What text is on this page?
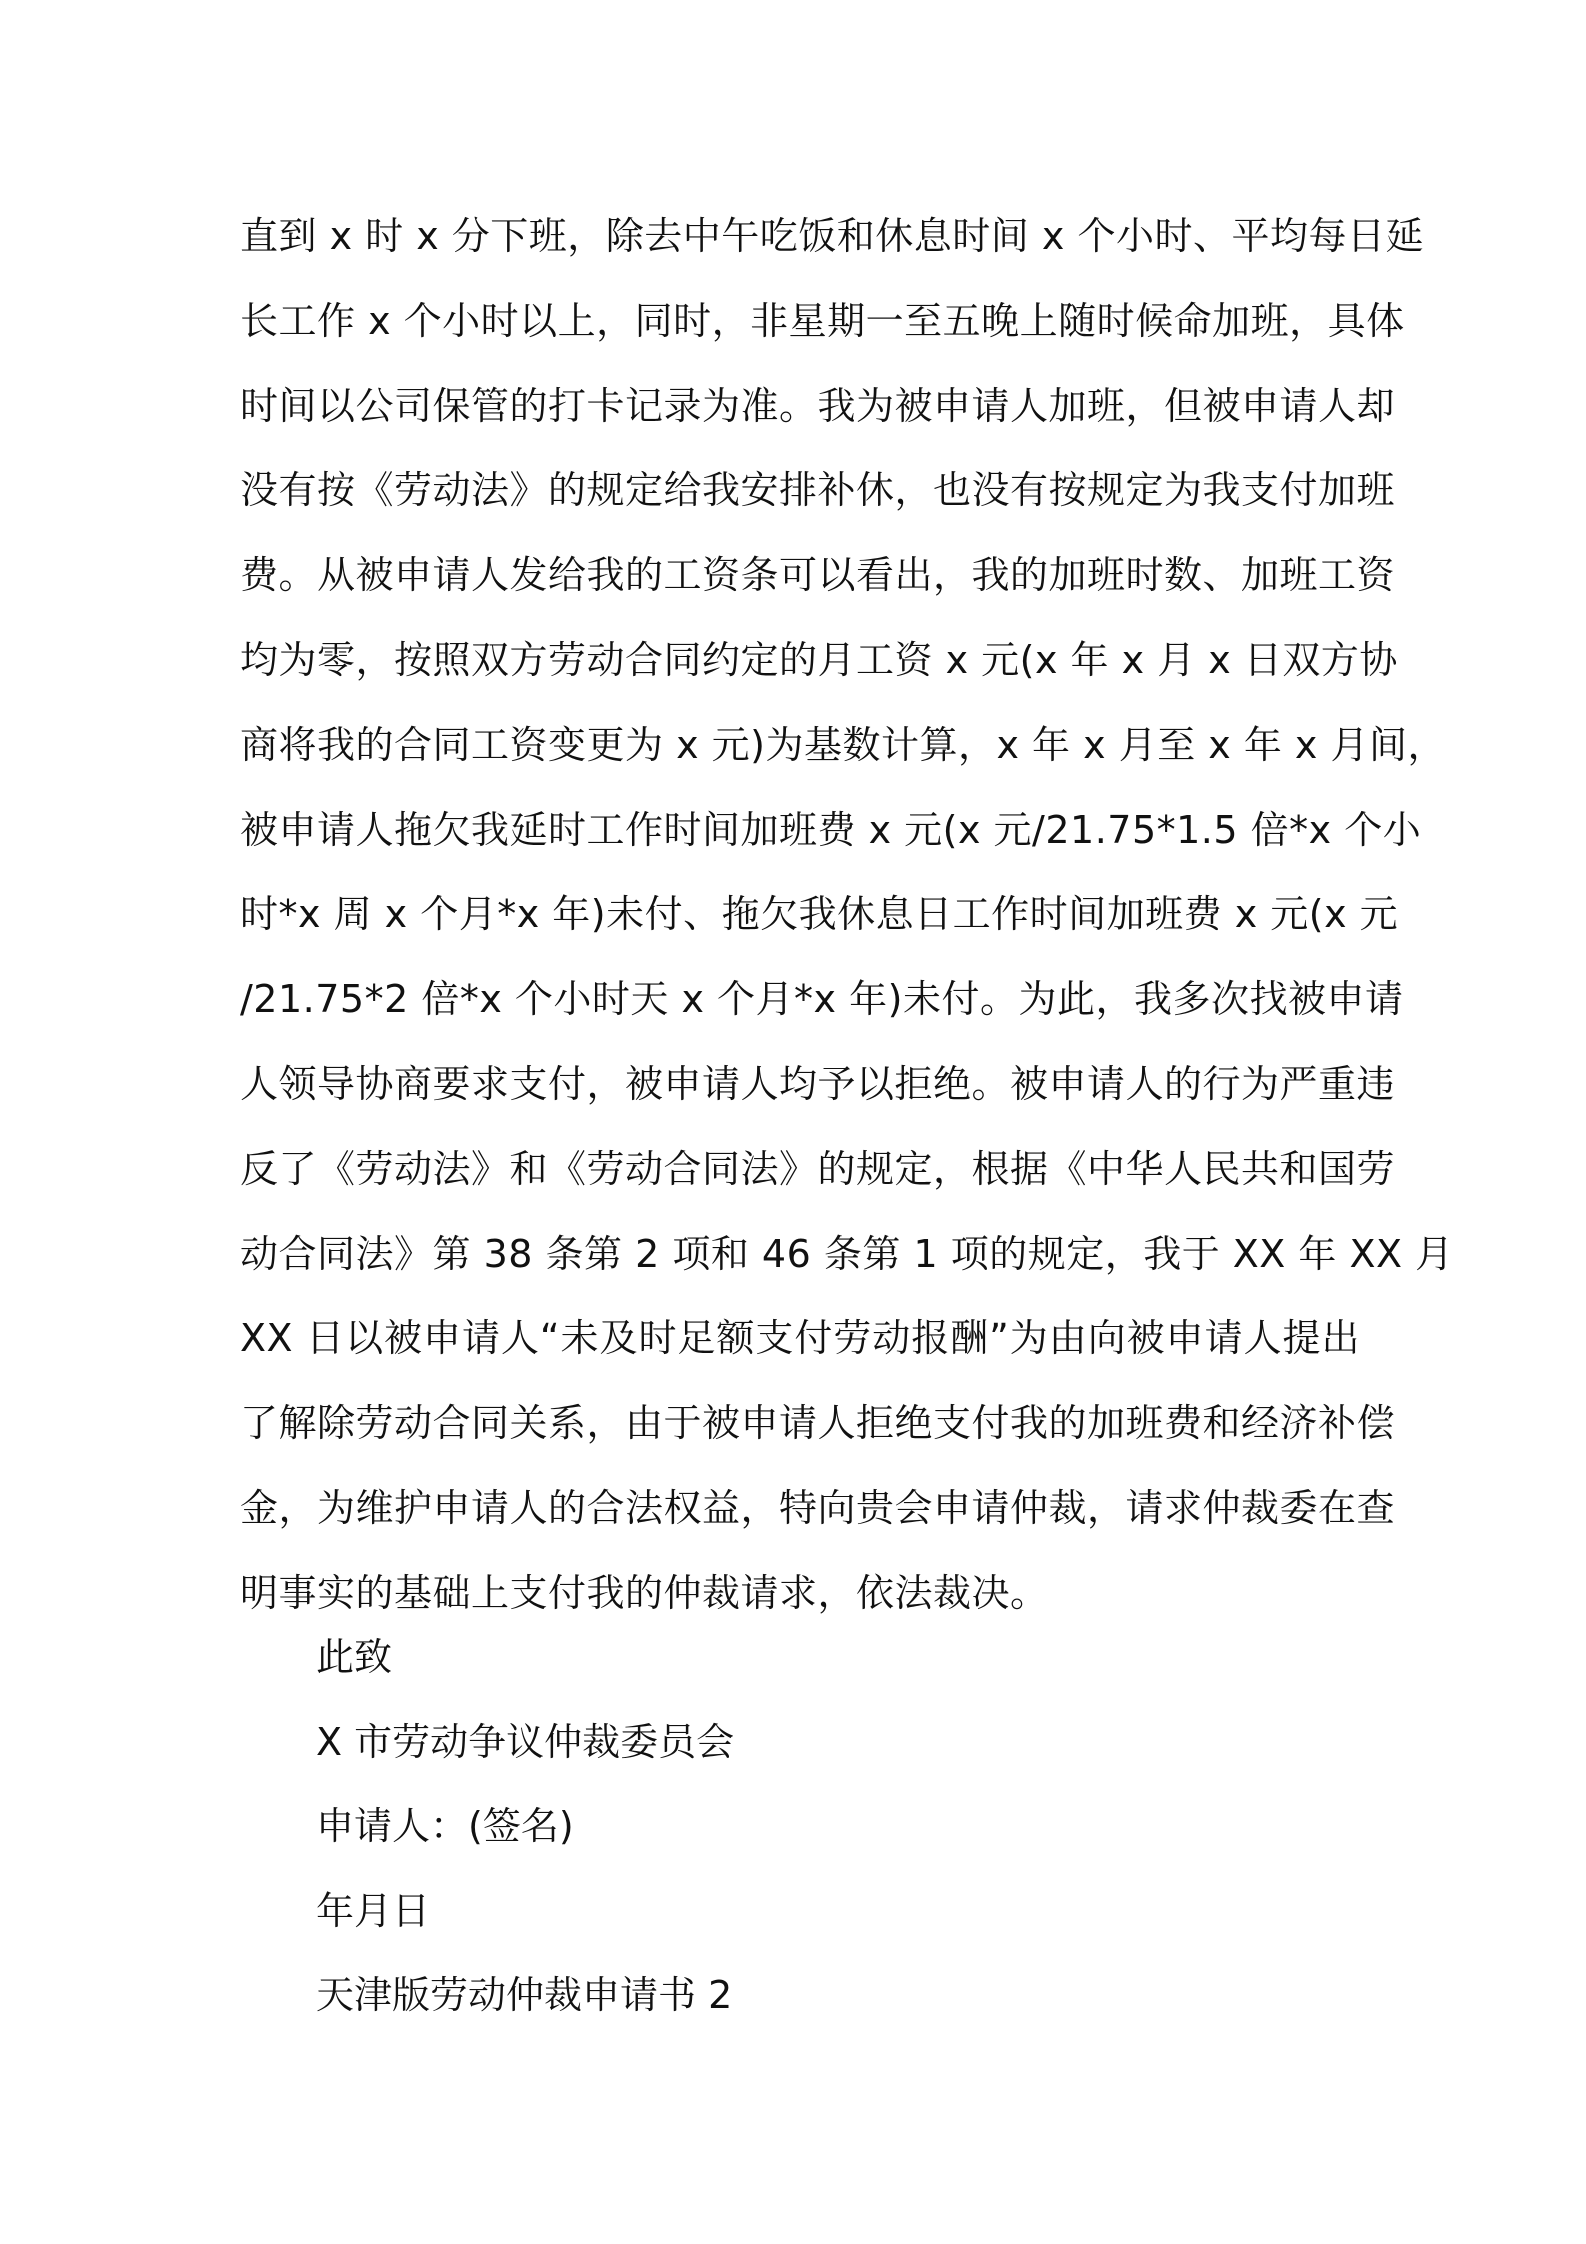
直到 x 时 x 分下班，除去中午吃饭和休息时间 x 个小时、平均每日延
长工作 x 个小时以上，同时，非星期一至五晚上随时候命加班，具体
时间以公司保管的打卡记录为准。我为被申请人加班，但被申请人却
没有按《劳动法》的规定给我安排补休，也没有按规定为我支付加班
费。从被申请人发给我的工资条可以看出，我的加班时数、加班工资
均为零，按照双方劳动合同约定的月工资 x 元(x 年 x 月 x 日双方协
商将我的合同工资变更为 x 元)为基数计算，x 年 x 月至 x 年 x 月间，
被申请人拖欠我延时工作时间加班费 x 元(x 元/21.75*1.5 倍*x 个小
时*x 周 x 个月*x 年)未付、拖欠我休息日工作时间加班费 x 元(x 元
/21.75*2 倍*x 个小时天 x 个月*x 年)未付。为此，我多次找被申请
人领导协商要求支付，被申请人均予以拒绝。被申请人的行为严重违
反了《劳动法》和《劳动合同法》的规定，根据《中华人民共和国劳
动合同法》第 38 条第 2 项和 46 条第 1 项的规定，我于 XX 年 XX 月
XX 日以被申请人“未及时足额支付劳动报酬”为由向被申请人提出
了解除劳动合同关系，由于被申请人拒绝支付我的加班费和经济补偿
金，为维护申请人的合法权益，特向贵会申请仲裁，请求仲裁委在查
明事实的基础上支付我的仲裁请求，依法裁决。
此致
X 市劳动争议仲裁委员会
申请人：(签名)
年月日
天津版劳动仲裁申请书 2
